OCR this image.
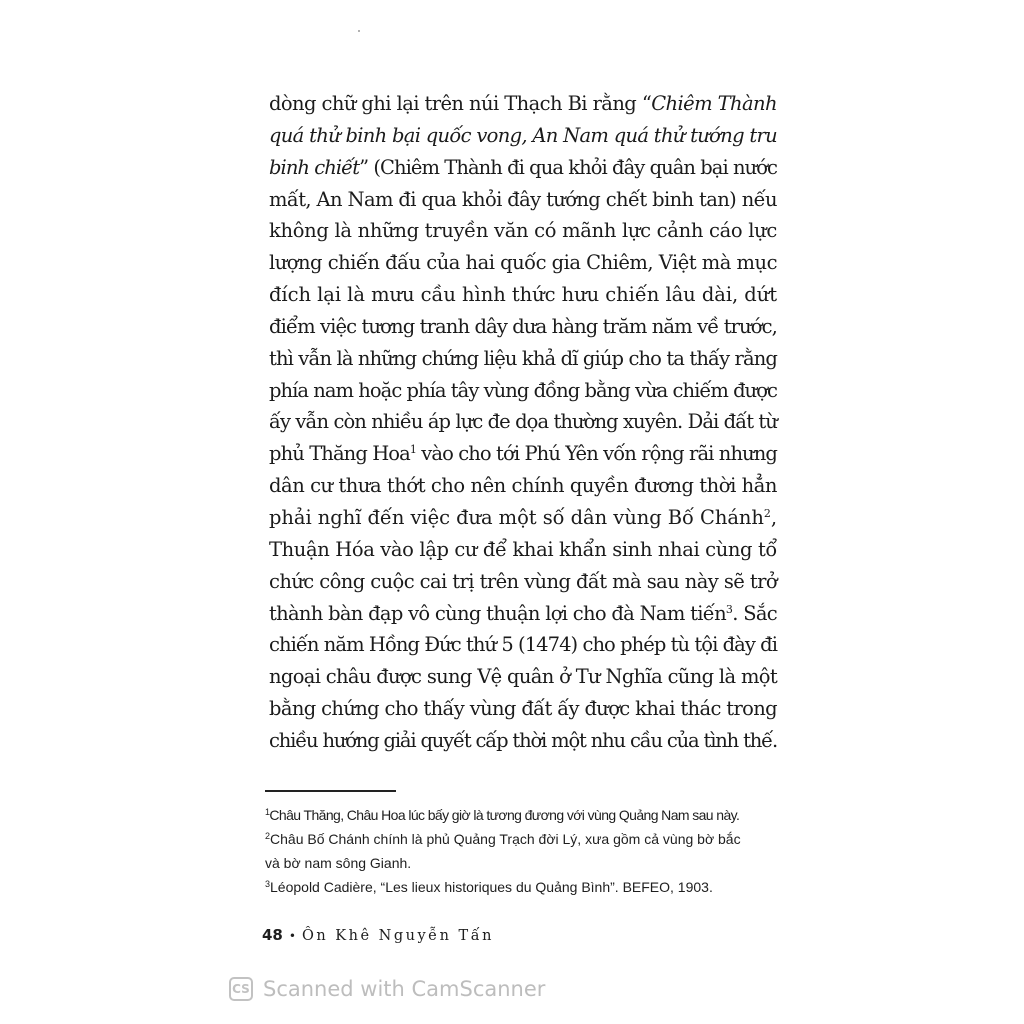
dòng chữ ghi lại trên núi Thạch Bi rằng “Chiêm Thành
quá thử binh bại quốc vong, An Nam quá thử tướng tru
binh chiết” (Chiêm Thành đi qua khỏi đây quân bại nước
mất, An Nam đi qua khỏi đây tướng chết binh tan) nếu
không là những truyền văn có mãnh lực cảnh cáo lực
lượng chiến đấu của hai quốc gia Chiêm, Việt mà mục
đích lại là mưu cầu hình thức hưu chiến lâu dài, dứt
điểm việc tương tranh dây dưa hàng trăm năm về trước,
thì vẫn là những chứng liệu khả dĩ giúp cho ta thấy rằng
phía nam hoặc phía tây vùng đồng bằng vừa chiếm được
ấy vẫn còn nhiều áp lực đe dọa thường xuyên. Dải đất từ
phủ Thăng Hoa$^1$ vào cho tới Phú Yên vốn rộng rãi nhưng
dân cư thưa thớt cho nên chính quyền đương thời hẳn
phải nghĩ đến việc đưa một số dân vùng Bố Chánh$^2$,
Thuận Hóa vào lập cư để khai khẩn sinh nhai cùng tổ
chức công cuộc cai trị trên vùng đất mà sau này sẽ trở
thành bàn đạp vô cùng thuận lợi cho đà Nam tiến$^3$. Sắc
chiến năm Hồng Đức thứ 5 (1474) cho phép tù tội đày đi
ngoại châu được sung Vệ quân ở Tư Nghĩa cũng là một
bằng chứng cho thấy vùng đất ấy được khai thác trong
chiều hướng giải quyết cấp thời một nhu cầu của tình thế.
$^1$Châu Thăng, Châu Hoa lúc bấy giờ là tương đương với vùng Quảng Nam sau này.
$^2$Châu Bố Chánh chính là phủ Quảng Trạch đời Lý, xưa gồm cả vùng bờ bắc
và bờ nam sông Gianh.
$^3$Léopold Cadière, “Les lieux historiques du Quảng Bình”. BEFEO, 1903.
48 • Ôn Khê Nguyễn Tấn
CS Scanned with CamScanner
